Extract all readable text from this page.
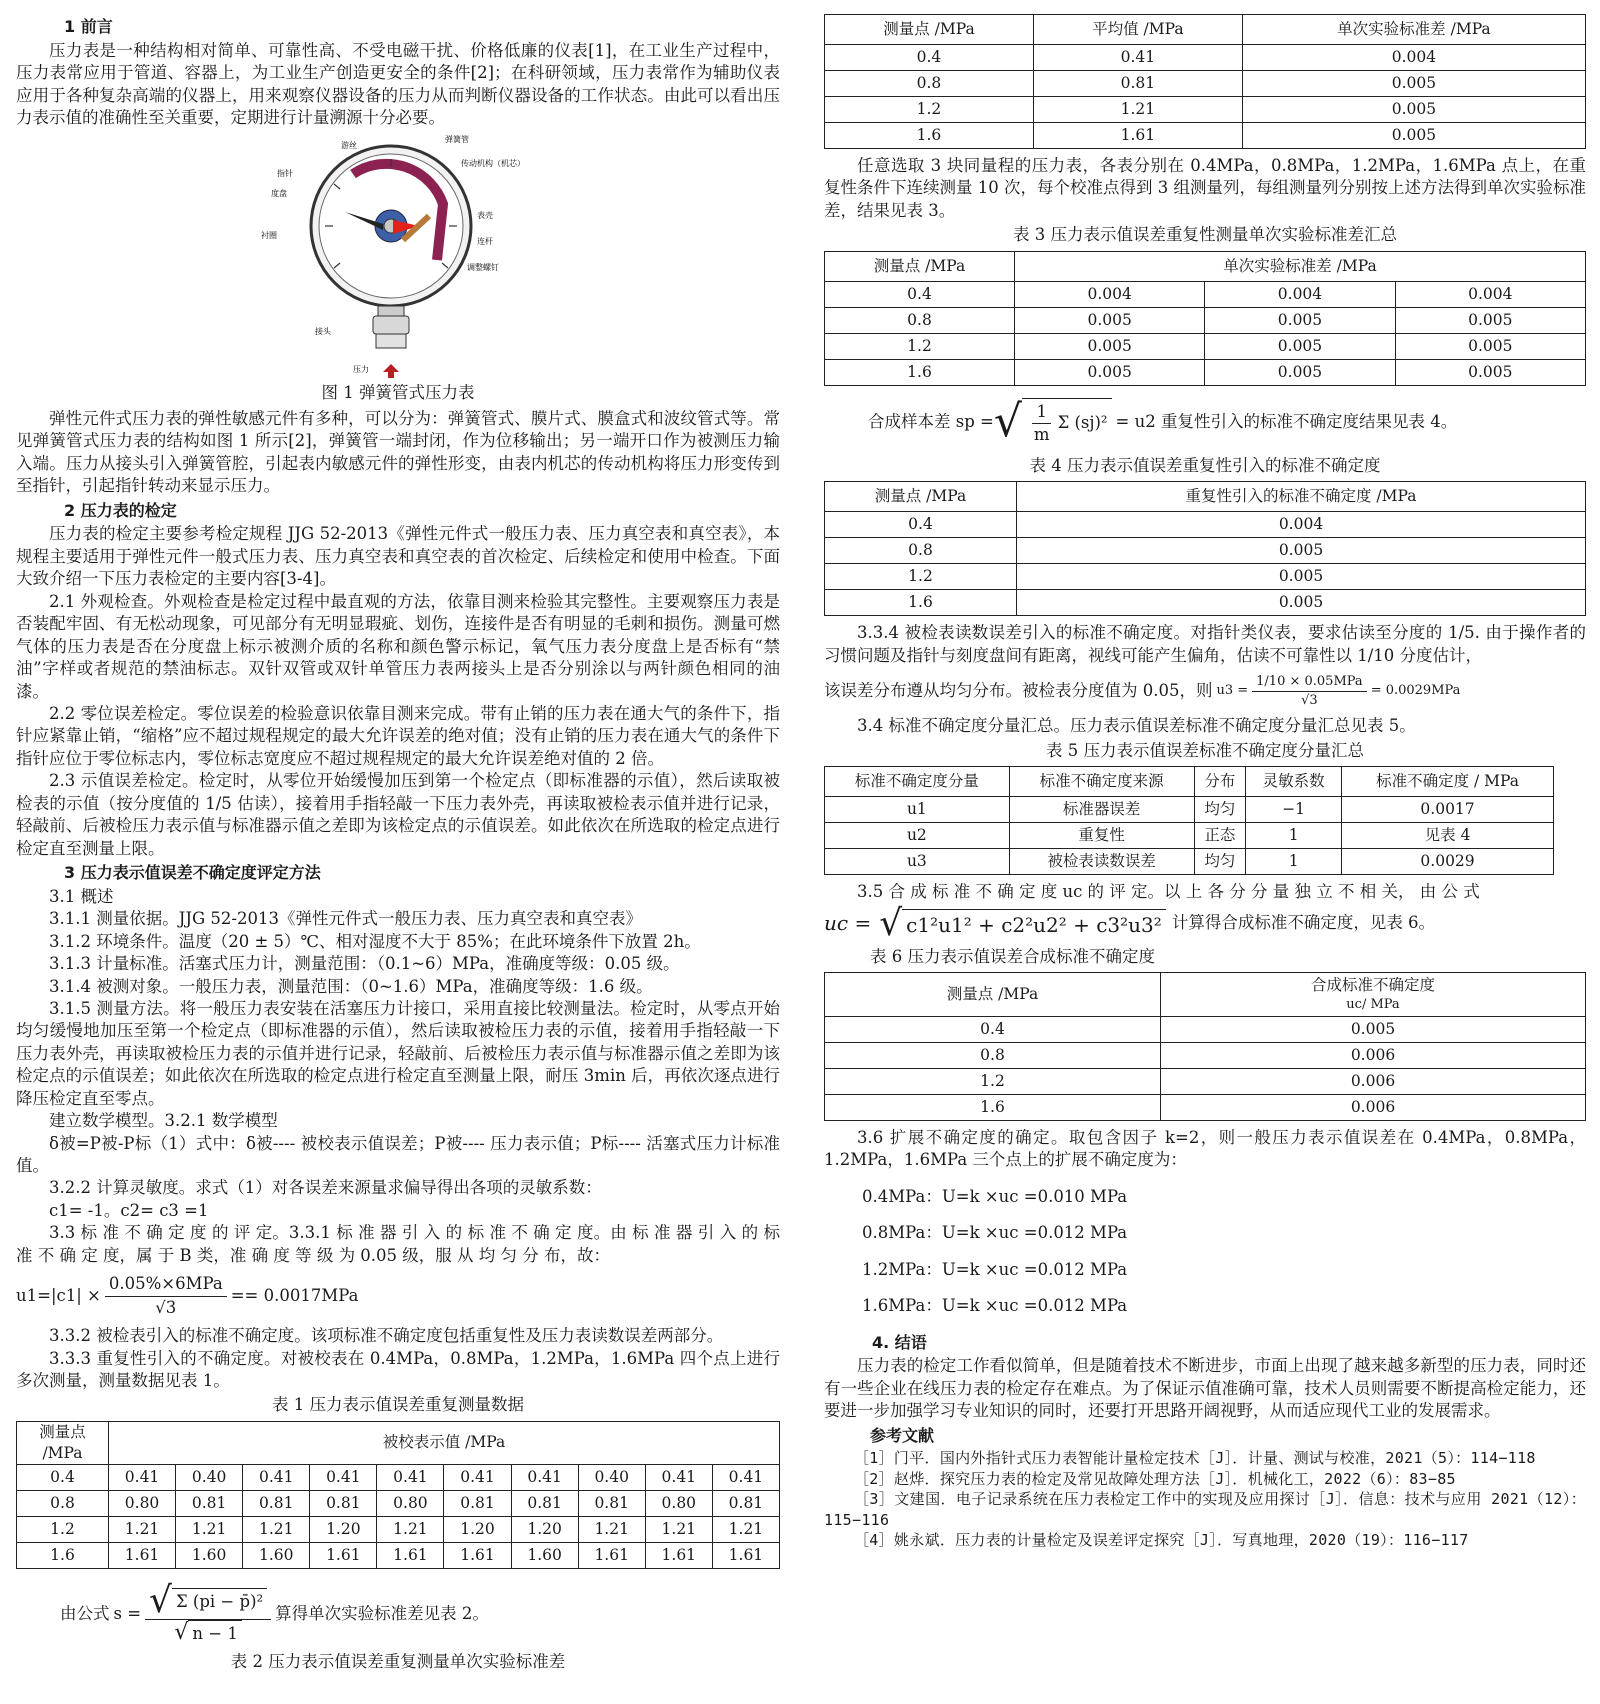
1 前言

压力表是一种结构相对简单、可靠性高、不受电磁干扰、价格低廉的仪表[1]，在工业生产过程中，压力表常应用于管道、容器上，为工业生产创造更安全的条件[2]；在科研领域，压力表常作为辅助仪表应用于各种复杂高端的仪器上，用来观察仪器设备的压力从而判断仪器设备的工作状态。由此可以看出压力表示值的准确性至关重要，定期进行计量溯源十分必要。

游丝
弹簧管
传动机构（机芯）
指针
度盘
表壳
衬圈
连杆
调整螺钉
接头
压力
图 1 弹簧管式压力表

弹性元件式压力表的弹性敏感元件有多种，可以分为：弹簧管式、膜片式、膜盒式和波纹管式等。常见弹簧管式压力表的结构如图 1 所示[2]，弹簧管一端封闭，作为位移输出；另一端开口作为被测压力输入端。压力从接头引入弹簧管腔，引起表内敏感元件的弹性形变，由表内机芯的传动机构将压力形变传到至指针，引起指针转动来显示压力。

2 压力表的检定

压力表的检定主要参考检定规程 JJG 52-2013《弹性元件式一般压力表、压力真空表和真空表》，本规程主要适用于弹性元件一般式压力表、压力真空表和真空表的首次检定、后续检定和使用中检查。下面大致介绍一下压力表检定的主要内容[3-4]。

2.1 外观检查。外观检查是检定过程中最直观的方法，依靠目测来检验其完整性。主要观察压力表是否装配牢固、有无松动现象，可见部分有无明显瑕疵、划伤，连接件是否有明显的毛刺和损伤。测量可燃气体的压力表是否在分度盘上标示被测介质的名称和颜色警示标记，氧气压力表分度盘上是否标有“禁油”字样或者规范的禁油标志。双针双管或双针单管压力表两接头上是否分别涂以与两针颜色相同的油漆。

2.2 零位误差检定。零位误差的检验意识依靠目测来完成。带有止销的压力表在通大气的条件下，指针应紧靠止销，“缩格”应不超过规程规定的最大允许误差的绝对值；没有止销的压力表在通大气的条件下指针应位于零位标志内，零位标志宽度应不超过规程规定的最大允许误差绝对值的 2 倍。

2.3 示值误差检定。检定时，从零位开始缓慢加压到第一个检定点（即标准器的示值），然后读取被检表的示值（按分度值的 1/5 估读），接着用手指轻敲一下压力表外壳，再读取被检表示值并进行记录，轻敲前、后被检压力表示值与标准器示值之差即为该检定点的示值误差。如此依次在所选取的检定点进行检定直至测量上限。

3 压力表示值误差不确定度评定方法

3.1 概述

3.1.1 测量依据。JJG 52-2013《弹性元件式一般压力表、压力真空表和真空表》

3.1.2 环境条件。温度（20 ± 5）℃、相对湿度不大于 85%；在此环境条件下放置 2h。

3.1.3 计量标准。活塞式压力计，测量范围：（0.1~6）MPa，准确度等级：0.05 级。

3.1.4 被测对象。一般压力表，测量范围：（0~1.6）MPa，准确度等级：1.6 级。

3.1.5 测量方法。将一般压力表安装在活塞压力计接口，采用直接比较测量法。检定时，从零点开始均匀缓慢地加压至第一个检定点（即标准器的示值），然后读取被检压力表的示值，接着用手指轻敲一下压力表外壳，再读取被检压力表的示值并进行记录，轻敲前、后被检压力表示值与标准器示值之差即为该检定点的示值误差；如此依次在所选取的检定点进行检定直至测量上限，耐压 3min 后，再依次逐点进行降压检定直至零点。

建立数学模型。3.2.1 数学模型

δ被=P被-P标（1）式中：δ被---- 被校表示值误差；P被---- 压力表示值；P标---- 活塞式压力计标准值。

3.2.2 计算灵敏度。求式（1）对各误差来源量求偏导得出各项的灵敏系数：

c1= -1。c2= c3 =1

3.3 标 准 不 确 定 度 的 评 定。3.3.1 标 准 器 引 入 的 标 准 不 确 定 度。由 标 准 器 引 入 的 标 准 不 确 定 度，属 于 B 类，准 确 度 等 级 为 0.05 级，服 从 均 匀 分 布，故：

$u1=|c1| \times \frac{\text{0.05\%×6MPa}}{√3} == 0.0017MPa$

3.3.2 被检表引入的标准不确定度。该项标准不确定度包括重复性及压力表读数误差两部分。

3.3.3 重复性引入的不确定度。对被校表在 0.4MPa，0.8MPa，1.2MPa，1.6MPa 四个点上进行多次测量，测量数据见表 1。

表 1 压力表示值误差重复测量数据
测量点 /MPa	被校表示值 /MPa									
0.4	0.41	0.40	0.41	0.41	0.41	0.41	0.41	0.40	0.41	0.41
0.8	0.80	0.81	0.81	0.81	0.80	0.81	0.81	0.81	0.80	0.81
1.2	1.21	1.21	1.21	1.20	1.21	1.20	1.20	1.21	1.21	1.21
1.6	1.61	1.60	1.60	1.61	1.61	1.61	1.60	1.61	1.61	1.61
由公式 $s = \frac{\text{√ Σ (pi − p̄)²}}{√ n - 1}$ 算得单次实验标准差见表 2。
表 2 压力表示值误差重复测量单次实验标准差
测量点 /MPa	平均值 /MPa	单次实验标准差 /MPa
0.4	0.41	0.004
0.8	0.81	0.005
1.2	1.21	0.005
1.6	1.61	0.005

任意选取 3 块同量程的压力表，各表分别在 0.4MPa，0.8MPa，1.2MPa，1.6MPa 点上，在重复性条件下连续测量 10 次，每个校准点得到 3 组测量列，每组测量列分别按上述方法得到单次实验标准差，结果见表 3。

表 3 压力表示值误差重复性测量单次实验标准差汇总
测量点 /MPa	单次实验标准差 /MPa		
0.4	0.004	0.004	0.004
0.8	0.005	0.005	0.005
1.2	0.005	0.005	0.005
1.6	0.005	0.005	0.005
合成样本差 sp = √ $\frac{1}{m}$ Σ (sj)² = u2 重复性引入的标准不确定度结果见表 4。
表 4 压力表示值误差重复性引入的标准不确定度
测量点 /MPa	重复性引入的标准不确定度 /MPa
0.4	0.004
0.8	0.005
1.2	0.005
1.6	0.005

3.3.4 被检表读数误差引入的标准不确定度。对指针类仪表，要求估读至分度的 1/5. 由于操作者的习惯问题及指针与刻度盘间有距离，视线可能产生偏角，估读不可靠性以 1/10 分度估计，

该误差分布遵从均匀分布。被检表分度值为 0.05，则 $u3 = \frac{\text{1/10 × 0.05MPa}}{√3} = 0.0029MPa$

3.4 标准不确定度分量汇总。压力表示值误差标准不确定度分量汇总见表 5。

表 5 压力表示值误差标准不确定度分量汇总
标准不确定度分量	标准不确定度来源	分布	灵敏系数	标准不确定度 / MPa
u1	标准器误差	均匀	−1	0.0017
u2	重复性	正态	1	见表 4
u3	被检表读数误差	均匀	1	0.0029

3.5 合 成 标 准 不 确 定 度 uc 的 评 定。以 上 各 分 分 量 独 立 不 相 关， 由 公 式

uc = √ c1²u1² + c2²u2² + c3²u3² 计算得合成标准不确定度，见表 6。
表 6 压力表示值误差合成标准不确定度
测量点 /MPa	合成标准不确定度
uc/ MPa

0.4	0.005
0.8	0.006
1.2	0.006
1.6	0.006

3.6 扩展不确定度的确定。取包含因子 k=2，则一般压力表示值误差在 0.4MPa，0.8MPa，1.2MPa，1.6MPa 三个点上的扩展不确定度为：

0.4MPa：U=k ×uc =0.010 MPa
0.8MPa：U=k ×uc =0.012 MPa
1.2MPa：U=k ×uc =0.012 MPa
1.6MPa：U=k ×uc =0.012 MPa
4. 结语

压力表的检定工作看似简单，但是随着技术不断进步，市面上出现了越来越多新型的压力表，同时还有一些企业在线压力表的检定存在难点。为了保证示值准确可靠，技术人员则需要不断提高检定能力，还要进一步加强学习专业知识的同时，还要打开思路开阔视野，从而适应现代工业的发展需求。

参考文献
［1］门平．国内外指针式压力表智能计量检定技术［J］．计量、测试与校准，2021（5）：114−118
［2］赵烨．探究压力表的检定及常见故障处理方法［J］．机械化工，2022（6）：83−85
［3］文建国．电子记录系统在压力表检定工作中的实现及应用探讨［J］．信息：技术与应用 2021（12）：115−116
［4］姚永斌．压力表的计量检定及误差评定探究［J］．写真地理，2020（19）：116−117
